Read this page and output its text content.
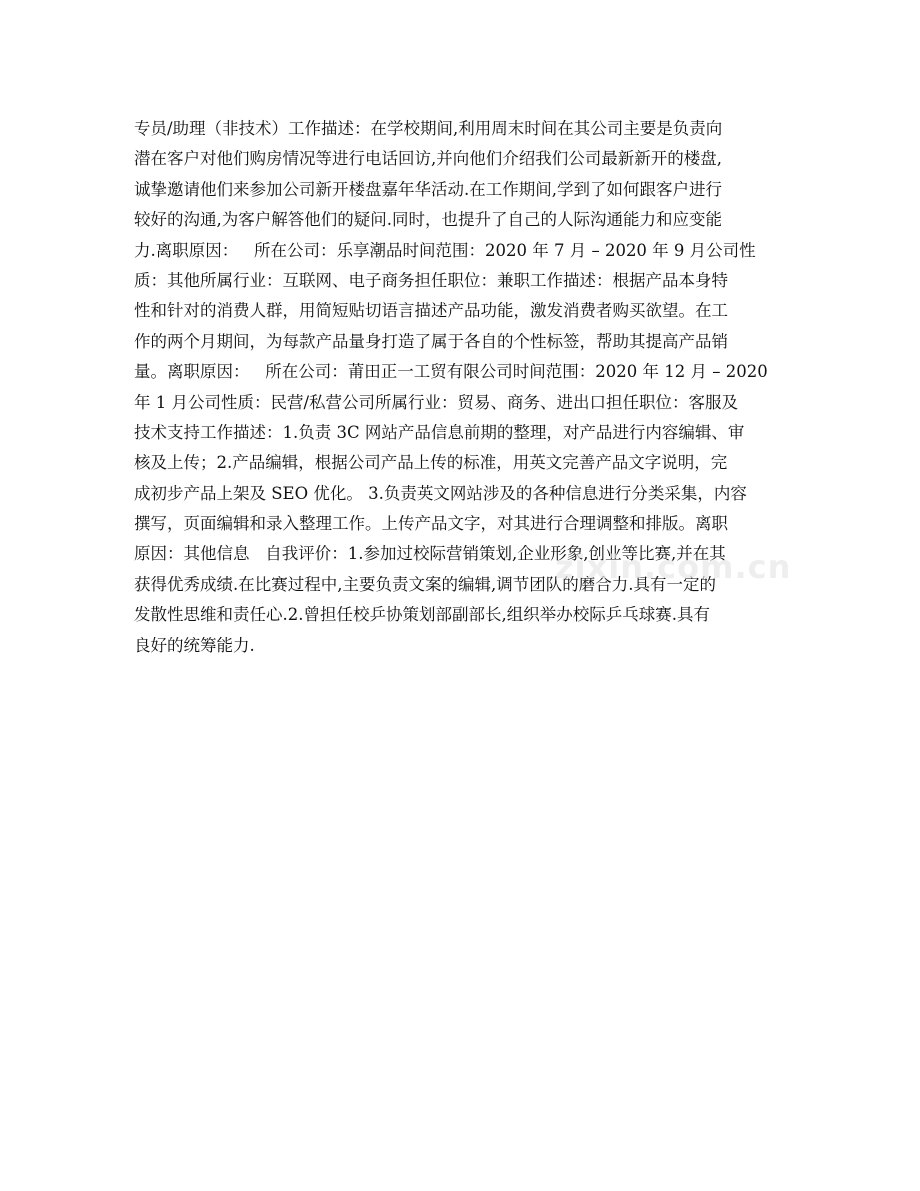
专员/助理（非技术）工作描述：在学校期间,利用周末时间在其公司主要是负责向
潜在客户对他们购房情况等进行电话回访,并向他们介绍我们公司最新新开的楼盘,
诚挚邀请他们来参加公司新开楼盘嘉年华活动.在工作期间,学到了如何跟客户进行
较好的沟通,为客户解答他们的疑问.同时，也提升了自己的人际沟通能力和应变能
力.离职原因：   所在公司：乐享潮品时间范围：2020 年 7 月 – 2020 年 9 月公司性
质：其他所属行业：互联网、电子商务担任职位：兼职工作描述：根据产品本身特
性和针对的消费人群，用简短贴切语言描述产品功能，激发消费者购买欲望。在工
作的两个月期间，为每款产品量身打造了属于各自的个性标签，帮助其提高产品销
量。离职原因：   所在公司：莆田正一工贸有限公司时间范围：2020 年 12 月 – 2020
年 1 月公司性质：民营/私营公司所属行业：贸易、商务、进出口担任职位：客服及
技术支持工作描述：1.负责 3C 网站产品信息前期的整理，对产品进行内容编辑、审
核及上传；2.产品编辑，根据公司产品上传的标准，用英文完善产品文字说明，完
成初步产品上架及 SEO 优化。 3.负责英文网站涉及的各种信息进行分类采集，内容
撰写，页面编辑和录入整理工作。上传产品文字，对其进行合理调整和排版。离职
原因：其他信息   自我评价：1.参加过校际营销策划,企业形象,创业等比赛,并在其
获得优秀成绩.在比赛过程中,主要负责文案的编辑,调节团队的磨合力.具有一定的
发散性思维和责任心.2.曾担任校乒协策划部副部长,组织举办校际乒乓球赛.具有
良好的统筹能力.
zixin.com.cn
